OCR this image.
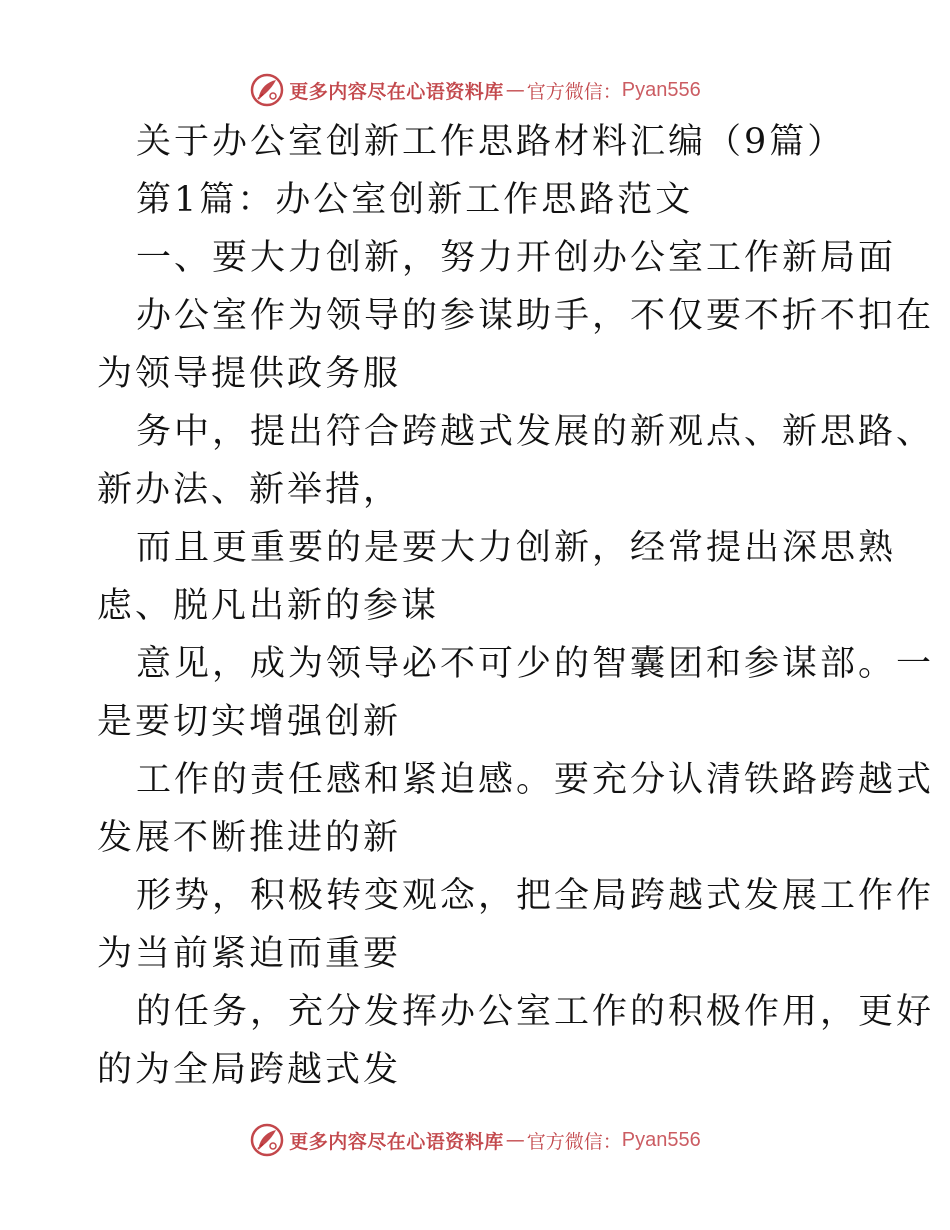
更多内容尽在心语资料库 — 官方微信： Pyan556
关于办公室创新工作思路材料汇编（9篇）
第1篇：办公室创新工作思路范文
一、要大力创新，努力开创办公室工作新局面
办公室作为领导的参谋助手，不仅要不折不扣在
为领导提供政务服
务中，提出符合跨越式发展的新观点、新思路、
新办法、新举措，
而且更重要的是要大力创新，经常提出深思熟
虑、脱凡出新的参谋
意见，成为领导必不可少的智囊团和参谋部。一
是要切实增强创新
工作的责任感和紧迫感。要充分认清铁路跨越式
发展不断推进的新
形势，积极转变观念，把全局跨越式发展工作作
为当前紧迫而重要
的任务，充分发挥办公室工作的积极作用，更好
的为全局跨越式发
更多内容尽在心语资料库 — 官方微信： Pyan556
